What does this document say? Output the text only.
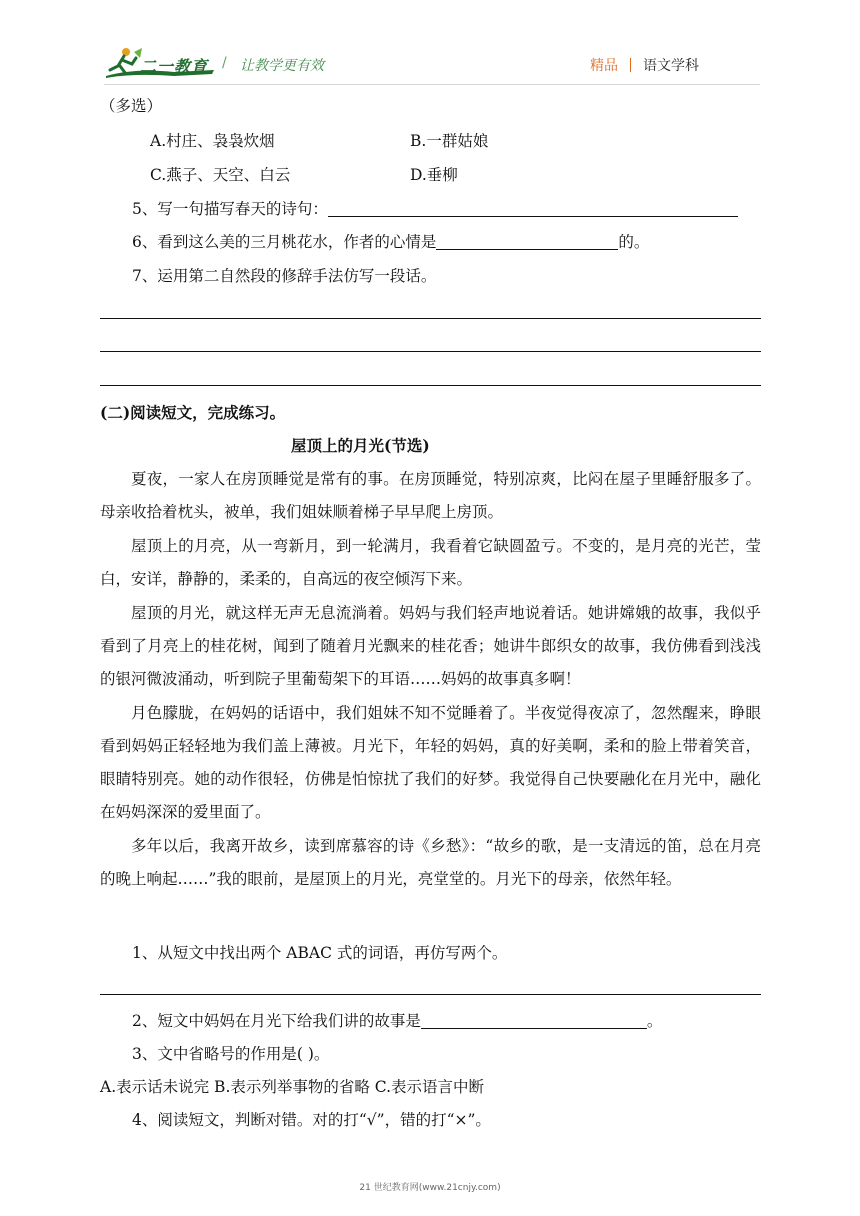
二一教育 / 让教学更有效	精品 语文学科
（多选）
A.村庄、袅袅炊烟	B.一群姑娘
C.燕子、天空、白云	D.垂柳
5、写一句描写春天的诗句：
6、看到这么美的三月桃花水，作者的心情是	的。
7、运用第二自然段的修辞手法仿写一段话。
(二)阅读短文，完成练习。
屋顶上的月光(节选)
夏夜，一家人在房顶睡觉是常有的事。在房顶睡觉，特别凉爽，比闷在屋子里睡舒服多了。母亲收拾着枕头，被单，我们姐妹顺着梯子早早爬上房顶。
屋顶上的月亮，从一弯新月，到一轮满月，我看着它缺圆盈亏。不变的，是月亮的光芒，莹白，安详，静静的，柔柔的，自高远的夜空倾泻下来。
屋顶的月光，就这样无声无息流淌着。妈妈与我们轻声地说着话。她讲嫦娥的故事，我似乎看到了月亮上的桂花树，闻到了随着月光飘来的桂花香；她讲牛郎织女的故事，我仿佛看到浅浅的银河微波涌动，听到院子里葡萄架下的耳语……妈妈的故事真多啊！
月色朦胧，在妈妈的话语中，我们姐妹不知不觉睡着了。半夜觉得夜凉了，忽然醒来，睁眼看到妈妈正轻轻地为我们盖上薄被。月光下，年轻的妈妈，真的好美啊，柔和的脸上带着笑音，眼睛特别亮。她的动作很轻，仿佛是怕惊扰了我们的好梦。我觉得自己快要融化在月光中，融化在妈妈深深的爱里面了。
多年以后，我离开故乡，读到席慕容的诗《乡愁》：“故乡的歌，是一支清远的笛，总在月亮的晚上响起……”我的眼前，是屋顶上的月光，亮堂堂的。月光下的母亲，依然年轻。
1、从短文中找出两个 ABAC 式的词语，再仿写两个。
2、短文中妈妈在月光下给我们讲的故事是	。
3、文中省略号的作用是( )。
A.表示话未说完 B.表示列举事物的省略 C.表示语言中断
4、阅读短文，判断对错。对的打“√”，错的打“×”。
21 世纪教育网(www.21cnjy.com)
